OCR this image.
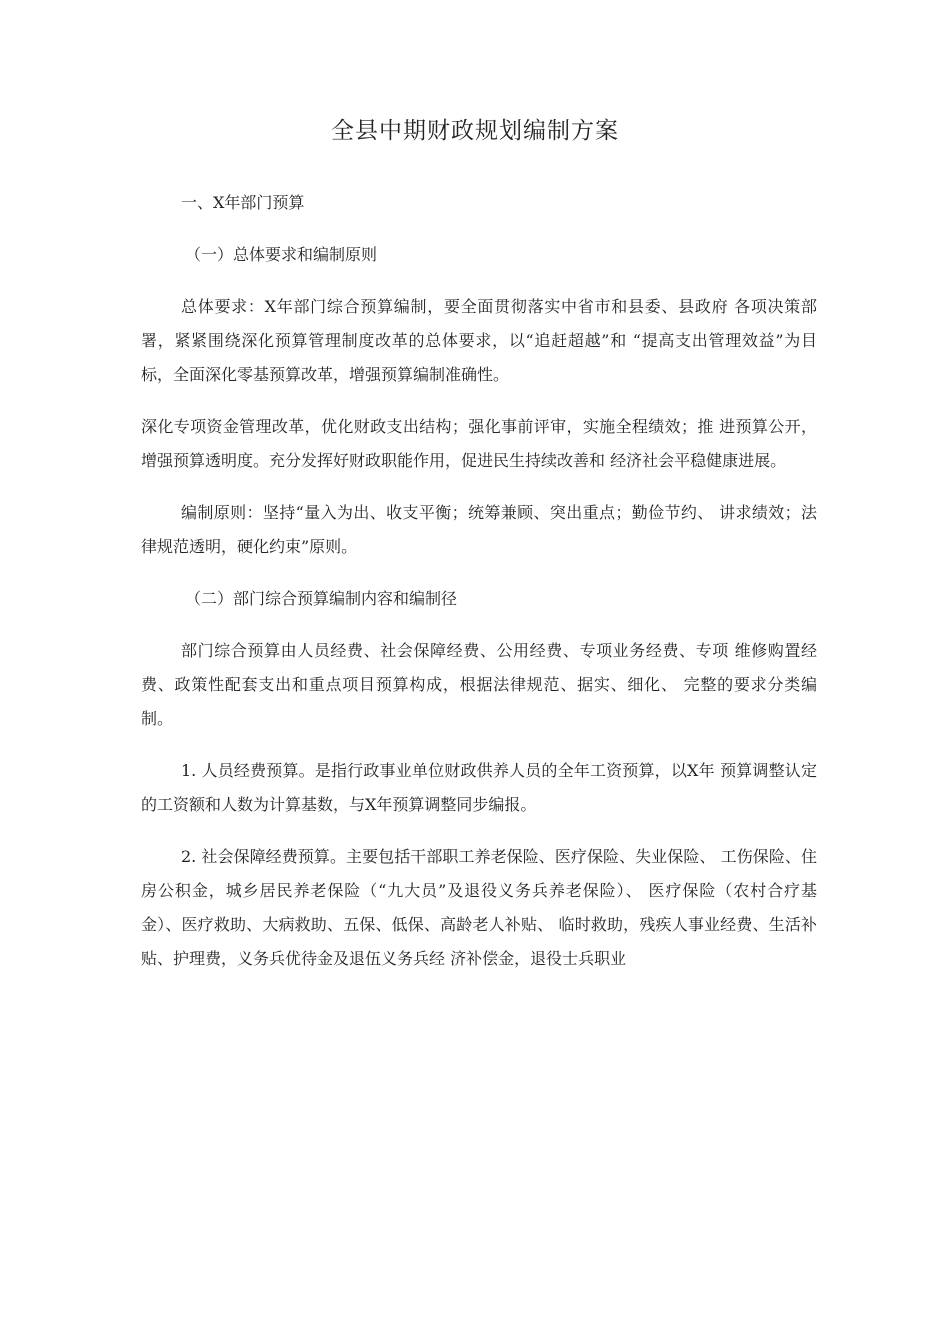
全县中期财政规划编制方案

一、X年部门预算

（一）总体要求和编制原则

总体要求：X年部门综合预算编制，要全面贯彻落实中省市和县委、县政府 各项决策部署，紧紧围绕深化预算管理制度改革的总体要求，以“追赶超越”和 “提高支出管理效益”为目标，全面深化零基预算改革，增强预算编制准确性。

深化专项资金管理改革，优化财政支出结构；强化事前评审，实施全程绩效；推 进预算公开，增强预算透明度。充分发挥好财政职能作用，促进民生持续改善和 经济社会平稳健康进展。

编制原则：坚持“量入为出、收支平衡；统筹兼顾、突出重点；勤俭节约、 讲求绩效；法律规范透明，硬化约束”原则。

（二）部门综合预算编制内容和编制径

部门综合预算由人员经费、社会保障经费、公用经费、专项业务经费、专项 维修购置经费、政策性配套支出和重点项目预算构成，根据法律规范、据实、细化、 完整的要求分类编制。

1. 人员经费预算。是指行政事业单位财政供养人员的全年工资预算，以X年 预算调整认定的工资额和人数为计算基数，与X年预算调整同步编报。

2. 社会保障经费预算。主要包括干部职工养老保险、医疗保险、失业保险、 工伤保险、住房公积金，城乡居民养老保险（“九大员”及退役义务兵养老保险）、 医疗保险（农村合疗基金）、医疗救助、大病救助、五保、低保、高龄老人补贴、 临时救助，残疾人事业经费、生活补贴、护理费，义务兵优待金及退伍义务兵经 济补偿金，退役士兵职业
